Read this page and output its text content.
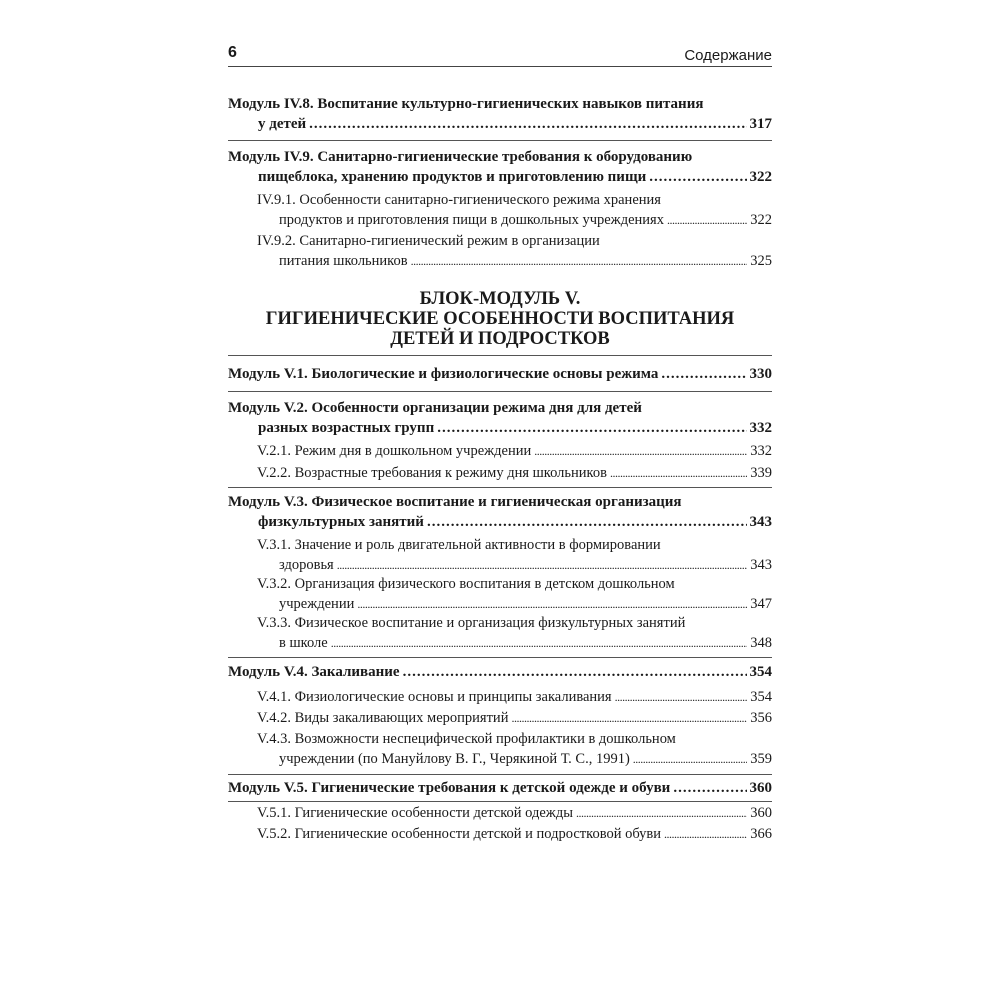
6	Содержание
Модуль IV.8. Воспитание культурно-гигиенических навыков питания
у детей .....	317
Модуль IV.9. Санитарно-гигиенические требования к оборудованию
пищеблока, хранению продуктов и приготовлению пищи .....	322
IV.9.1. Особенности санитарно-гигиенического режима хранения
продуктов и приготовления пищи в дошкольных учреждениях .....	322
IV.9.2. Санитарно-гигиенический режим в организации
питания школьников .....	325
БЛОК-МОДУЛЬ V.
ГИГИЕНИЧЕСКИЕ ОСОБЕННОСТИ ВОСПИТАНИЯ
ДЕТЕЙ И ПОДРОСТКОВ
Модуль V.1. Биологические и физиологические основы режима .....	330
Модуль V.2. Особенности организации режима дня для детей
разных возрастных групп .....	332
V.2.1. Режим дня в дошкольном учреждении .....	332
V.2.2. Возрастные требования к режиму дня школьников .....	339
Модуль V.3. Физическое воспитание и гигиеническая организация
физкультурных занятий .....	343
V.3.1. Значение и роль двигательной активности в формировании
здоровья .....	343
V.3.2. Организация физического воспитания в детском дошкольном
учреждении .....	347
V.3.3. Физическое воспитание и организация физкультурных занятий
в школе .....	348
Модуль V.4. Закаливание .....	354
V.4.1. Физиологические основы и принципы закаливания .....	354
V.4.2. Виды закаливающих мероприятий .....	356
V.4.3. Возможности неспецифической профилактики в дошкольном
учреждении (по Мануйлову В. Г., Черякиной Т. С., 1991) .....	359
Модуль V.5. Гигиенические требования к детской одежде и обуви .....	360
V.5.1. Гигиенические особенности детской одежды .....	360
V.5.2. Гигиенические особенности детской и подростковой обуви .....	366
